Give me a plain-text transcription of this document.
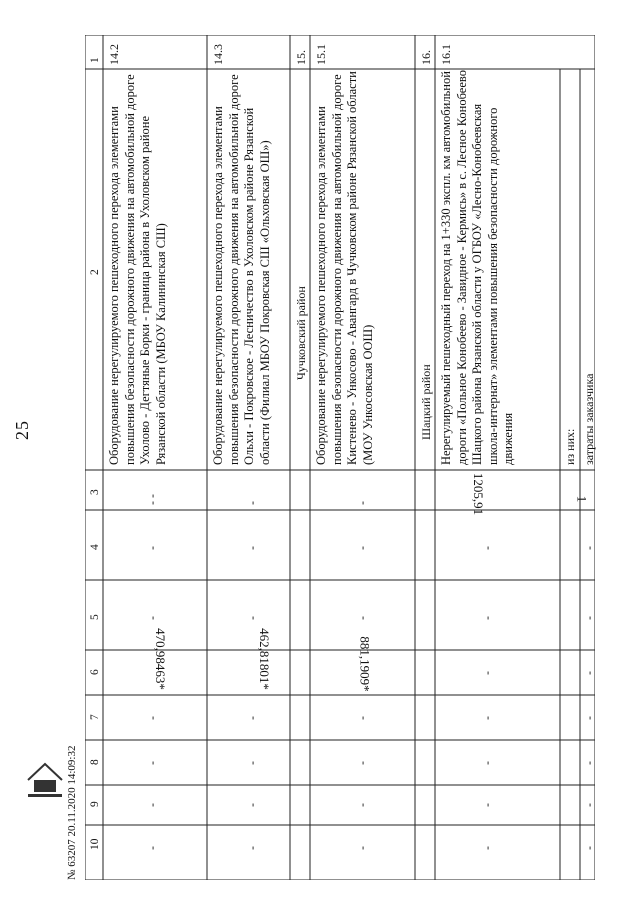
25
1
2
3
4
5
6
7
8
9
10
14.2
Оборудование нерегулируемого пешеходного перехода элементами повышения безопасности дорожного движения на автомобильной дороге Ухолово - Дегтяные Борки - граница района в Ухоловском районе Рязанской области (МБОУ Калининская СШ)
- -
-
-
470,98463*
-
-
-
-
14.3
Оборудование нерегулируемого пешеходного перехода элементами повышения безопасности дорожного движения на автомобильной дороге Ольхи - Покровское - Лесничество в Ухоловском районе Рязанской области (Филиал МБОУ Покровская СШ «Ольховская ОШ»)
-
-
-
462,81801*
-
-
-
-
15.
Чучковский район
15.1
Оборудование нерегулируемого пешеходного перехода элементами повышения безопасности дорожного движения на автомобильной дороге Кистенево - Ункосово - Авангард в Чучковском районе Рязанской области (МОУ Ункосовская ООШ)
-
-
-
881,1909*
-
-
-
-
16.
Шацкий район
16.1
Нерегулируемый пешеходный переход на 1+330 экспл. км автомобильной дороги «Польное Конобеево - Завидное - Кермись» в с. Лесное Конобеево Шацкого района Рязанской области у ОГБОУ «Лесно-Конобеевская школа-интернат» элементами повышения безопасности дорожного движения
1205,91
-
-
-
-
-
-
-
из них: затраты заказчика
1
-
-
-
-
-
-
-
№ 63207 20.11.2020 14:09:32
